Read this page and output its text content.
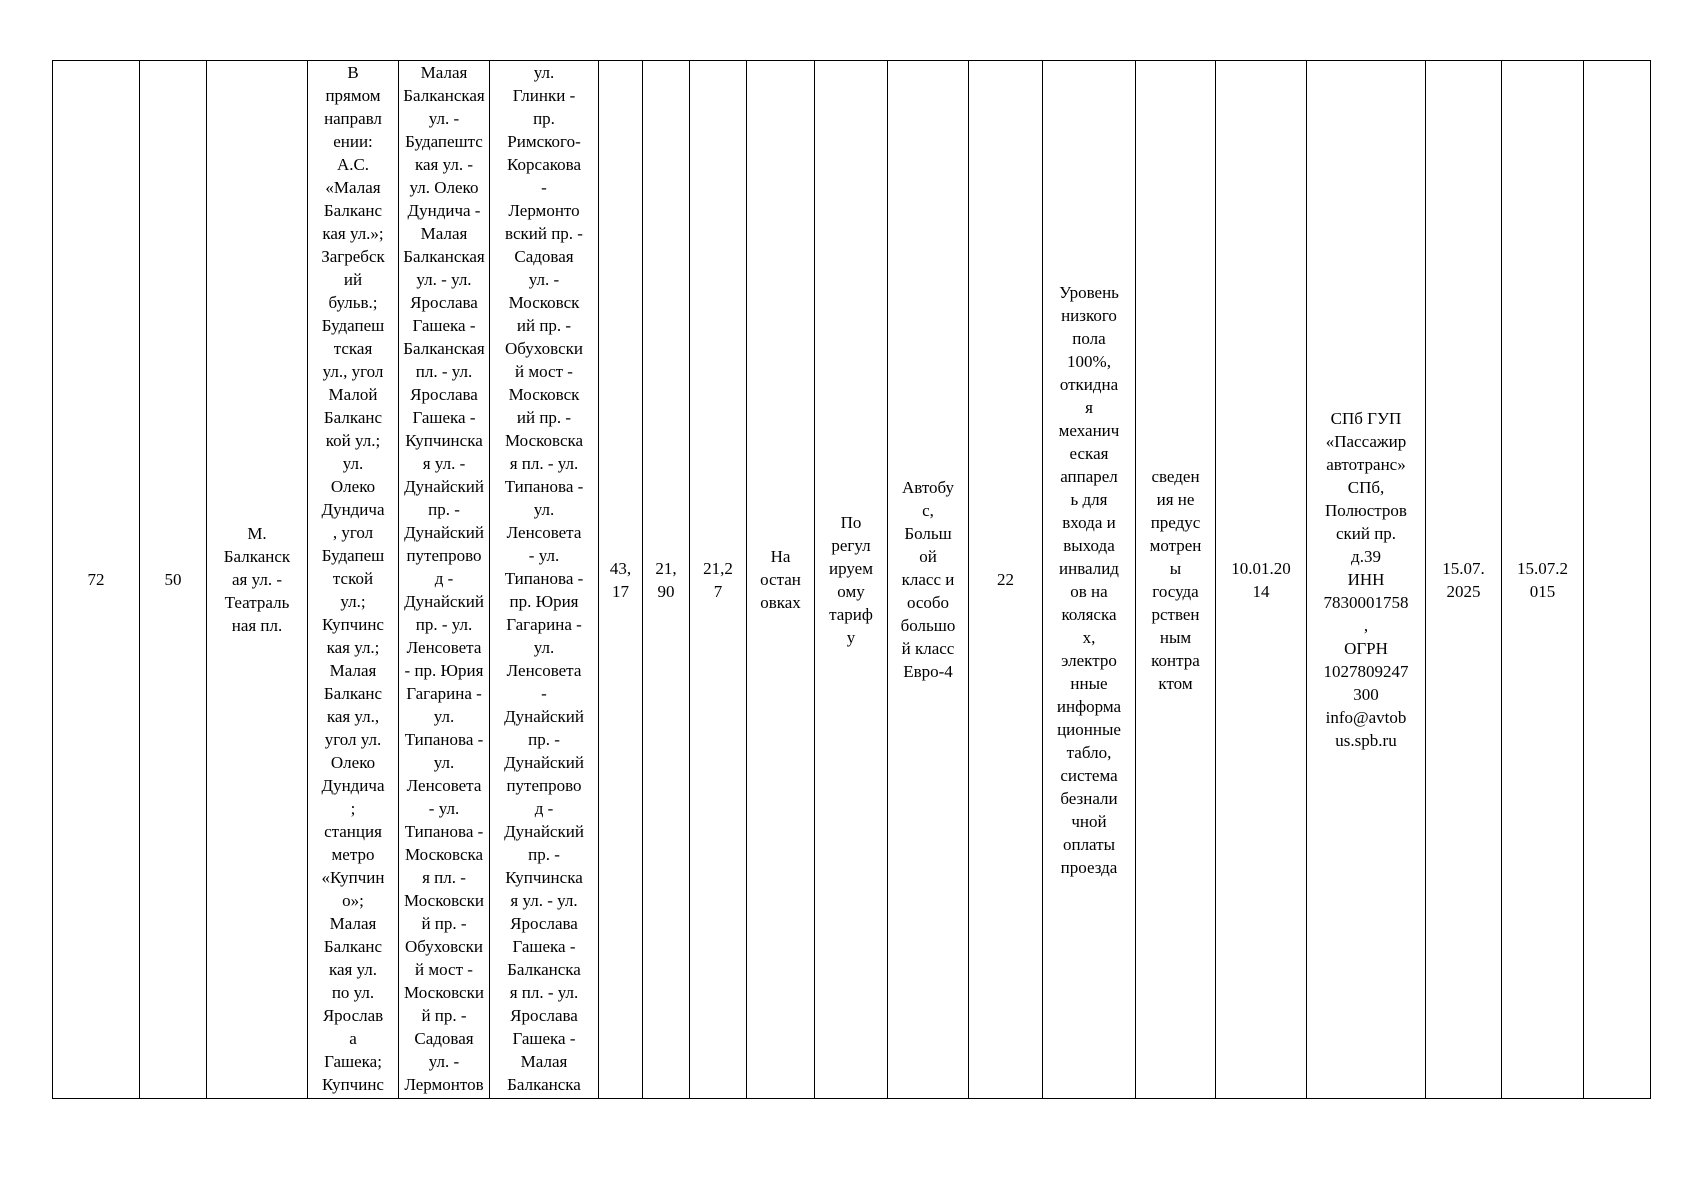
72	50	М.
Балканск
ая ул. -
Театраль
ная пл.	В
прямом
направл
ении:
А.С.
«Малая
Балканс
кая ул.»;
Загребск
ий
бульв.;
Будапеш
тская
ул., угол
Малой
Балканс
кой ул.;
ул.
Олеко
Дундича
, угол
Будапеш
тской
ул.;
Купчинс
кая ул.;
Малая
Балканс
кая ул.,
угол ул.
Олеко
Дундича
;
станция
метро
«Купчин
о»;
Малая
Балканс
кая ул.
по ул.
Ярослав
а
Гашека;
Купчинс	Малая
Балканская
ул. -
Будапештс
кая ул. -
ул. Олеко
Дундича -
Малая
Балканская
ул. - ул.
Ярослава
Гашека -
Балканская
пл. - ул.
Ярослава
Гашека -
Купчинска
я ул. -
Дунайский
пр. -
Дунайский
путепрово
д -
Дунайский
пр. - ул.
Ленсовета
- пр. Юрия
Гагарина -
ул.
Типанова -
ул.
Ленсовета
- ул.
Типанова -
Московска
я пл. -
Московски
й пр. -
Обуховски
й мост -
Московски
й пр. -
Садовая
ул. -
Лермонтов	ул.
Глинки -
пр.
Римского-
Корсакова
-
Лермонто
вский пр. -
Садовая
ул. -
Московск
ий пр. -
Обуховски
й мост -
Московск
ий пр. -
Московска
я пл. - ул.
Типанова -
ул.
Ленсовета
- ул.
Типанова -
пр. Юрия
Гагарина -
ул.
Ленсовета
-
Дунайский
пр. -
Дунайский
путепрово
д -
Дунайский
пр. -
Купчинска
я ул. - ул.
Ярослава
Гашека -
Балканска
я пл. - ул.
Ярослава
Гашека -
Малая
Балканска	43,
17	21,
90	21,2
7	На
остан
овках	По
регул
ируем
ому
тариф
у	Автобу
с,
Больш
ой
класс и
особо
большо
й класс
Евро-4	22	Уровень
низкого
пола
100%,
откидна
я
механич
еская
аппарел
ь для
входа и
выхода
инвалид
ов на
коляска
х,
электро
нные
информа
ционные
табло,
система
безнали
чной
оплаты
проезда	сведен
ия не
предус
мотрен
ы
госуда
рствен
ным
контра
ктом	10.01.20
14	СПб ГУП
«Пассажир
автотранс»
СПб,
Полюстров
ский пр.
д.39
ИНН
7830001758
,
ОГРН
1027809247
300
info@avtob
us.spb.ru	15.07.
2025	15.07.2
015	
